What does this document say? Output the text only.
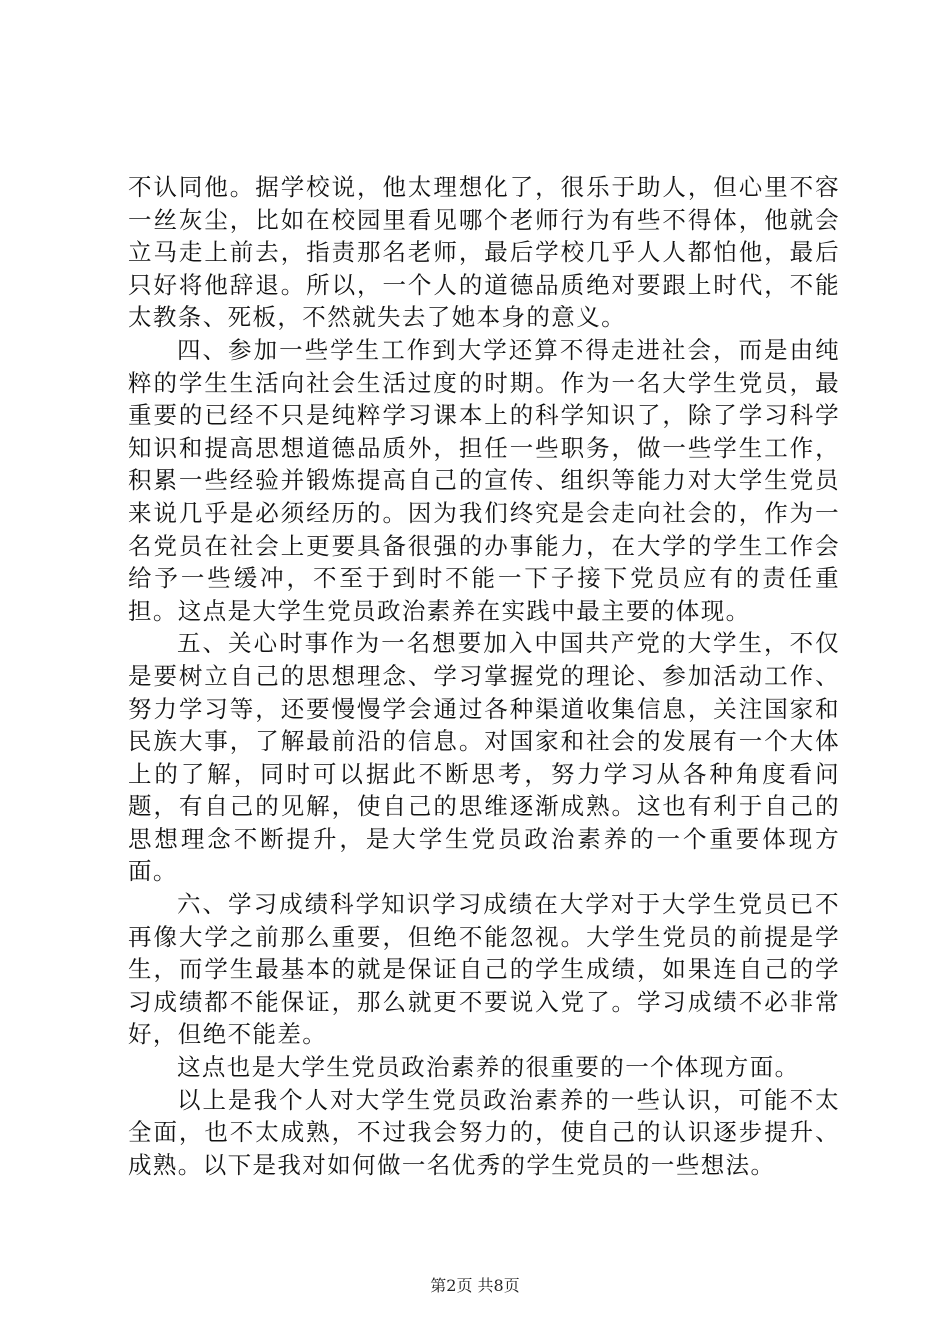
不认同他。据学校说，他太理想化了，很乐于助人，但心里不容一丝灰尘，比如在校园里看见哪个老师行为有些不得体，他就会立马走上前去，指责那名老师，最后学校几乎人人都怕他，最后只好将他辞退。所以，一个人的道德品质绝对要跟上时代，不能太教条、死板，不然就失去了她本身的意义。

四、参加一些学生工作到大学还算不得走进社会，而是由纯粹的学生生活向社会生活过度的时期。作为一名大学生党员，最重要的已经不只是纯粹学习课本上的科学知识了，除了学习科学知识和提高思想道德品质外，担任一些职务，做一些学生工作，积累一些经验并锻炼提高自己的宣传、组织等能力对大学生党员来说几乎是必须经历的。因为我们终究是会走向社会的，作为一名党员在社会上更要具备很强的办事能力，在大学的学生工作会给予一些缓冲，不至于到时不能一下子接下党员应有的责任重担。这点是大学生党员政治素养在实践中最主要的体现。

五、关心时事作为一名想要加入中国共产党的大学生，不仅是要树立自己的思想理念、学习掌握党的理论、参加活动工作、努力学习等，还要慢慢学会通过各种渠道收集信息，关注国家和民族大事，了解最前沿的信息。对国家和社会的发展有一个大体上的了解，同时可以据此不断思考，努力学习从各种角度看问题，有自己的见解，使自己的思维逐渐成熟。这也有利于自己的思想理念不断提升，是大学生党员政治素养的一个重要体现方面。

六、学习成绩科学知识学习成绩在大学对于大学生党员已不再像大学之前那么重要，但绝不能忽视。大学生党员的前提是学生，而学生最基本的就是保证自己的学生成绩，如果连自己的学习成绩都不能保证，那么就更不要说入党了。学习成绩不必非常好，但绝不能差。

这点也是大学生党员政治素养的很重要的一个体现方面。

以上是我个人对大学生党员政治素养的一些认识，可能不太全面，也不太成熟，不过我会努力的，使自己的认识逐步提升、成熟。以下是我对如何做一名优秀的学生党员的一些想法。

第2页 共8页
